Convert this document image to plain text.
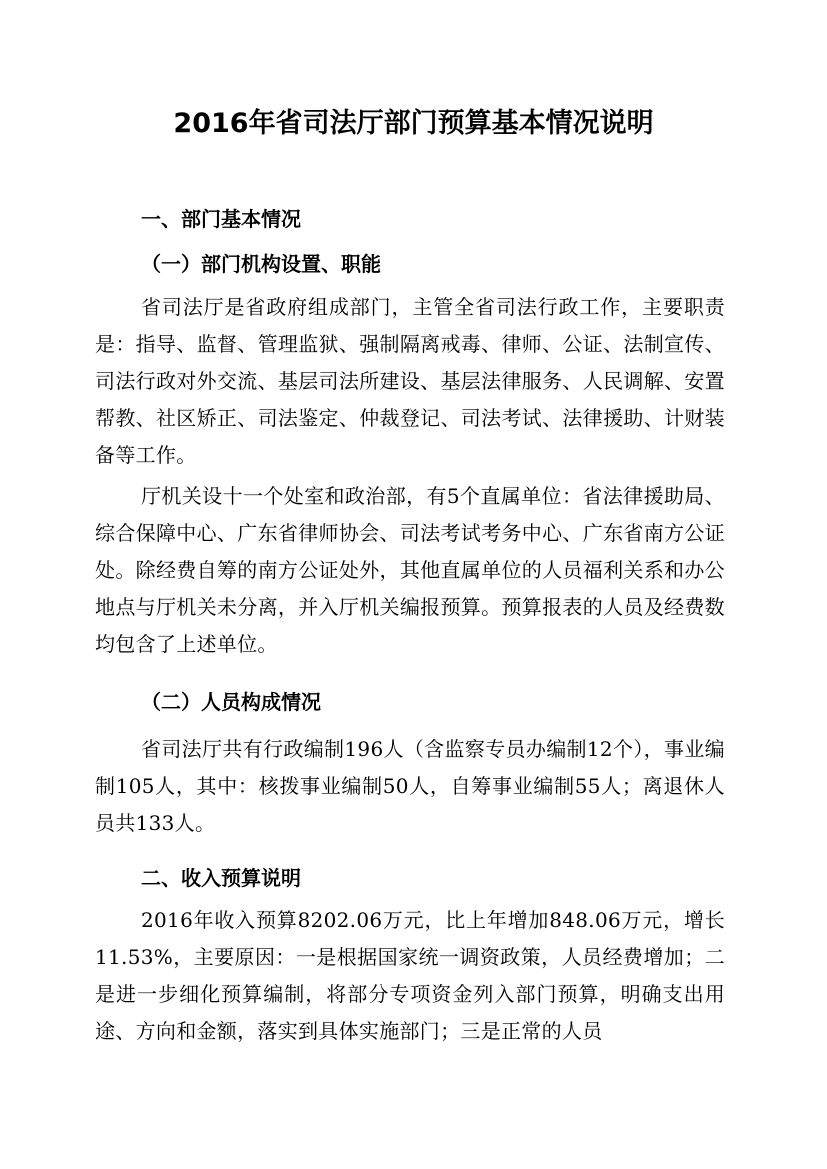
2016年省司法厅部门预算基本情况说明
一、部门基本情况
（一）部门机构设置、职能

省司法厅是省政府组成部门，主管全省司法行政工作，主要职责是：指导、监督、管理监狱、强制隔离戒毒、律师、公证、法制宣传、司法行政对外交流、基层司法所建设、基层法律服务、人民调解、安置帮教、社区矫正、司法鉴定、仲裁登记、司法考试、法律援助、计财装备等工作。

厅机关设十一个处室和政治部，有5个直属单位：省法律援助局、综合保障中心、广东省律师协会、司法考试考务中心、广东省南方公证处。除经费自筹的南方公证处外，其他直属单位的人员福利关系和办公地点与厅机关未分离，并入厅机关编报预算。预算报表的人员及经费数均包含了上述单位。

（二）人员构成情况

省司法厅共有行政编制196人（含监察专员办编制12个），事业编制105人，其中：核拨事业编制50人，自筹事业编制55人；离退休人员共133人。

二、收入预算说明

2016年收入预算8202.06万元，比上年增加848.06万元，增长11.53%，主要原因：一是根据国家统一调资政策，人员经费增加；二是进一步细化预算编制，将部分专项资金列入部门预算，明确支出用途、方向和金额，落实到具体实施部门；三是正常的人员
